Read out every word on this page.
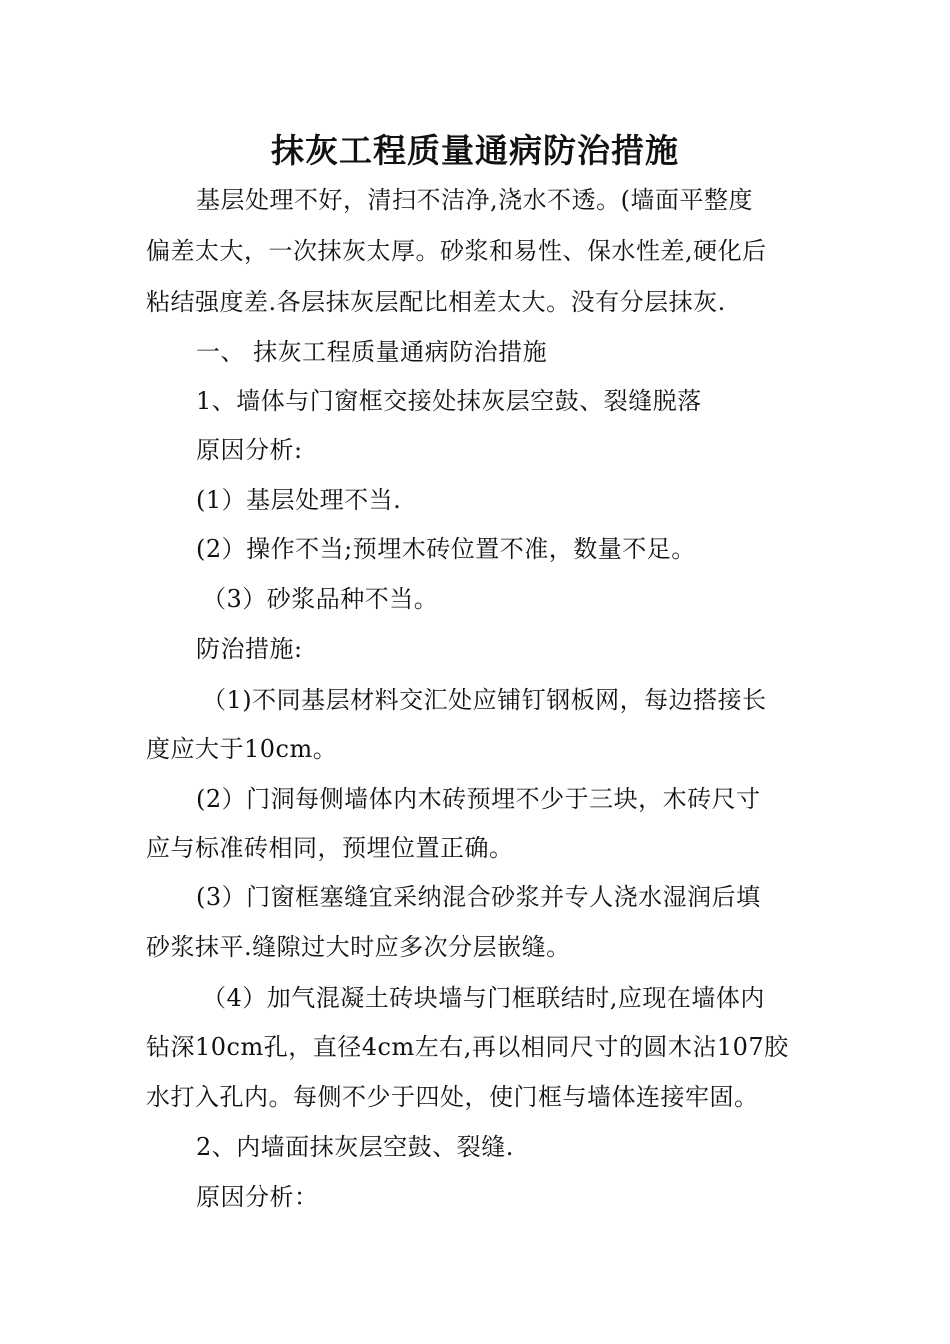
抹灰工程质量通病防治措施
基层处理不好，清扫不洁净,浇水不透。(墙面平整度
偏差太大，一次抹灰太厚。砂浆和易性、保水性差,硬化后
粘结强度差.各层抹灰层配比相差太大。没有分层抹灰.
一、 抹灰工程质量通病防治措施
1、墙体与门窗框交接处抹灰层空鼓、裂缝脱落
原因分析:
(1）基层处理不当.
(2）操作不当;预埋木砖位置不准，数量不足。
（3）砂浆品种不当。
防治措施:
（1)不同基层材料交汇处应铺钉钢板网，每边搭接长
度应大于10cm。
(2）门洞每侧墙体内木砖预埋不少于三块，木砖尺寸
应与标准砖相同，预埋位置正确。
(3）门窗框塞缝宜采纳混合砂浆并专人浇水湿润后填
砂浆抹平.缝隙过大时应多次分层嵌缝。
（4）加气混凝土砖块墙与门框联结时,应现在墙体内
钻深10cm孔，直径4cm左右,再以相同尺寸的圆木沾107胶
水打入孔内。每侧不少于四处，使门框与墙体连接牢固。
2、内墙面抹灰层空鼓、裂缝.
原因分析：
